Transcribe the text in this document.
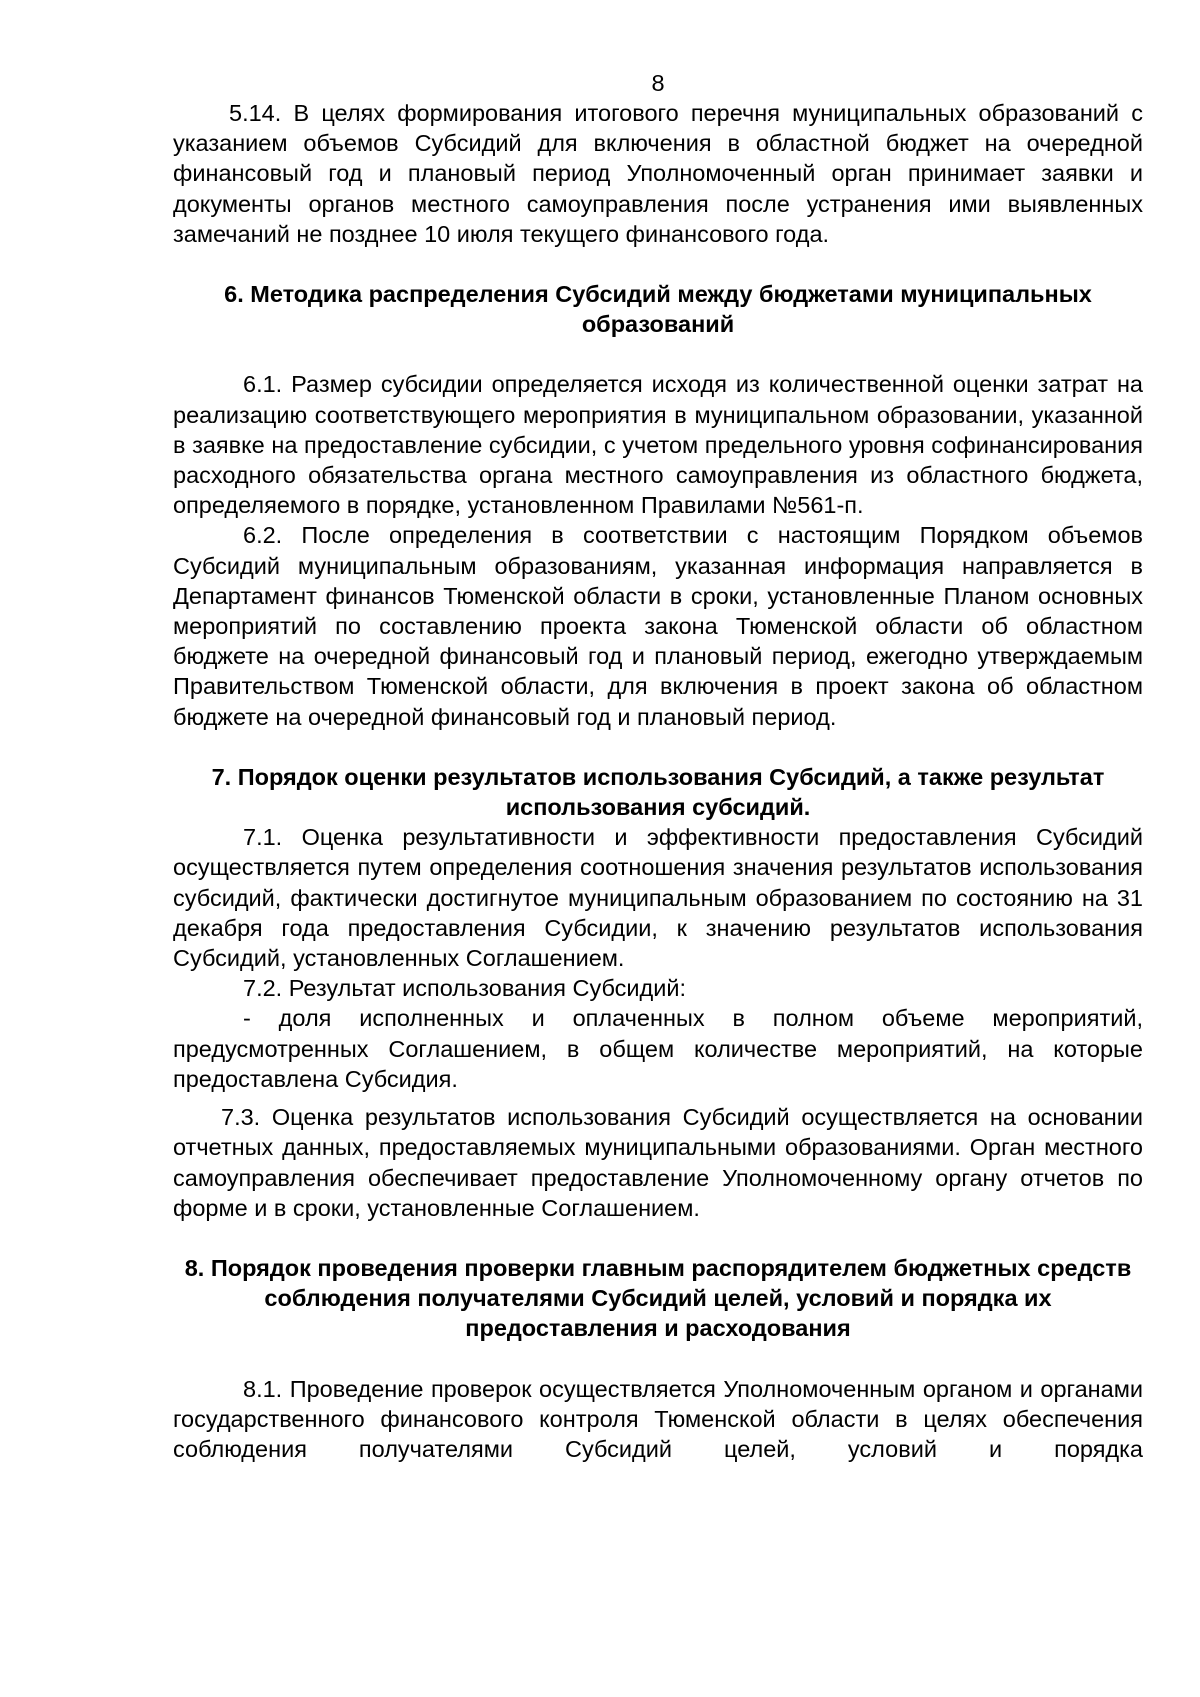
8

5.14. В целях формирования итогового перечня муниципальных образований с указанием объемов Субсидий для включения в областной бюджет на очередной финансовый год и плановый период Уполномоченный орган принимает заявки и документы органов местного самоуправления после устранения ими выявленных замечаний не позднее 10 июля текущего финансового года.

6. Методика распределения Субсидий между бюджетами муниципальных образований

6.1. Размер субсидии определяется исходя из количественной оценки затрат на реализацию соответствующего мероприятия в муниципальном образовании, указанной в заявке на предоставление субсидии, с учетом предельного уровня софинансирования расходного обязательства органа местного самоуправления из областного бюджета, определяемого в порядке, установленном Правилами №561-п.

6.2. После определения в соответствии с настоящим Порядком объемов Субсидий муниципальным образованиям, указанная информация направляется в Департамент финансов Тюменской области в сроки, установленные Планом основных мероприятий по составлению проекта закона Тюменской области об областном бюджете на очередной финансовый год и плановый период, ежегодно утверждаемым Правительством Тюменской области, для включения в проект закона об областном бюджете на очередной финансовый год и плановый период.

7. Порядок оценки результатов использования Субсидий, а также результат использования субсидий.

7.1. Оценка результативности и эффективности предоставления Субсидий осуществляется путем определения соотношения значения результатов использования субсидий, фактически достигнутое муниципальным образованием по состоянию на 31 декабря года предоставления Субсидии, к значению результатов использования Субсидий, установленных Соглашением.

7.2. Результат использования Субсидий:

- доля исполненных и оплаченных в полном объеме мероприятий, предусмотренных Соглашением, в общем количестве мероприятий, на которые предоставлена Субсидия.

7.3. Оценка результатов использования Субсидий осуществляется на основании отчетных данных, предоставляемых муниципальными образованиями. Орган местного самоуправления обеспечивает предоставление Уполномоченному органу отчетов по форме и в сроки, установленные Соглашением.

8. Порядок проведения проверки главным распорядителем бюджетных средств соблюдения получателями Субсидий целей, условий и порядка их предоставления и расходования

8.1. Проведение проверок осуществляется Уполномоченным органом и органами государственного финансового контроля Тюменской области в целях обеспечения соблюдения получателями Субсидий целей, условий и порядка
